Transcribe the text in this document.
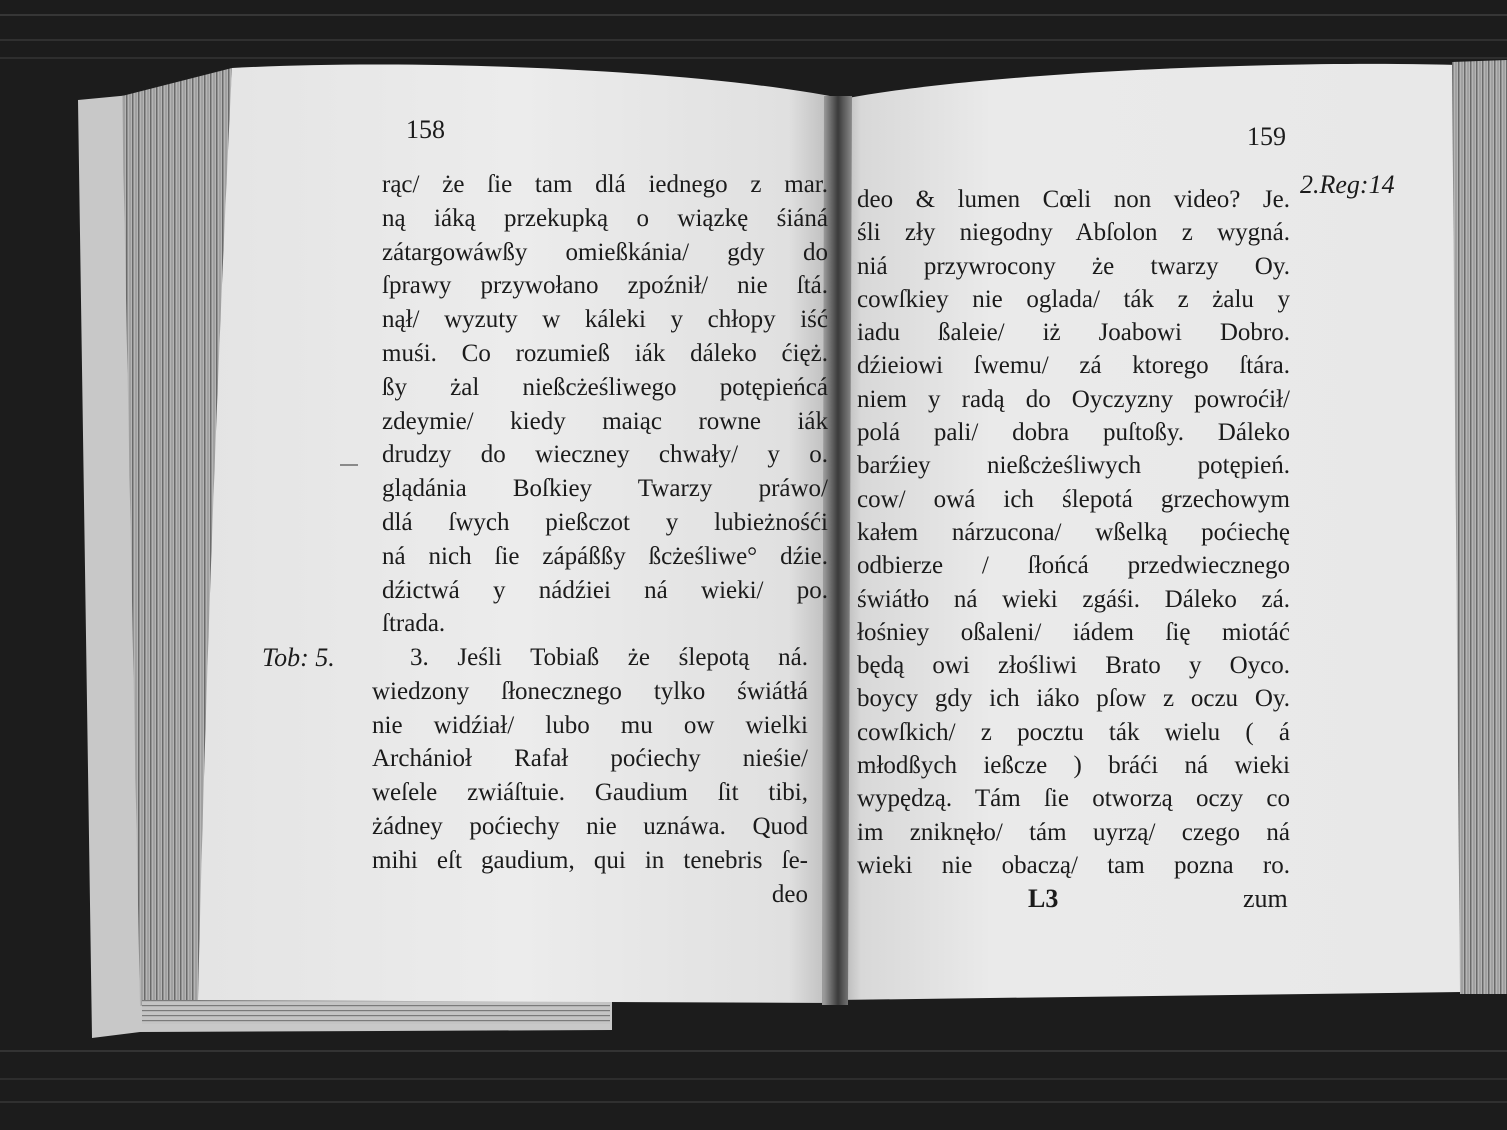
158
rąc/ że ſie tam dlá iednego z mar.
ną iáką przekupką o wiązkę śiáná
zátargowáwßy omießkánia/ gdy do
ſprawy przywołano zpoźnił/ nie ſtá.
nął/ wyzuty w káleki y chłopy iść
muśi. Co rozumieß iák dáleko ćięż.
ßy żal nießcżeśliwego potępieńcá
zdeymie/ kiedy maiąc rowne iák
drudzy do wieczney chwały/ y o.
glądánia Boſkiey Twarzy práwo/
dlá ſwych pießczot y lubieżnośći
ná nich ſie zápáßßy ßcżeśliwe° dźie.
dźictwá y nádźiei ná wieki/ po.
ſtrada.
Tob: 5.	3. Jeśli Tobiaß że ślepotą ná.
wiedzony ſłonecznego tylko świátłá
nie widźiał/ lubo mu ow wielki
Archánioł Rafał poćiechy nieśie/
weſele zwiáſtuie. Gaudium ſit tibi,
żádney poćiechy nie uznáwa. Quod
mihi eſt gaudium, qui in tenebris ſe-
deo
159
2.Reg:14
deo & lumen Cœli non video? Je.
śli zły niegodny Abſolon z wygná.
niá przywrocony że twarzy Oy.
cowſkiey nie oglada/ ták z żalu y
iadu ßaleie/ iż Joabowi Dobro.
dźieiowi ſwemu/ zá ktorego ſtára.
niem y radą do Oyczyzny powroćił/
polá pali/ dobra puſtoßy. Dáleko
barźiey nießcżeśliwych potępień.
cow/ owá ich ślepotá grzechowym
kałem nárzucona/ wßelką poćiechę
odbierze / ſłońcá przedwiecznego
świátło ná wieki zgáśi. Dáleko zá.
łośniey oßaleni/ iádem ſię miotáć
będą owi złośliwi Brato y Oyco.
boycy gdy ich iáko pſow z oczu Oy.
cowſkich/ z pocztu ták wielu ( á
młodßych ießcze ) bráći ná wieki
wypędzą. Tám ſie otworzą oczy co
im zniknęło/ tám uyrzą/ czego ná
wieki nie obaczą/ tam pozna ro.
L3	zum
